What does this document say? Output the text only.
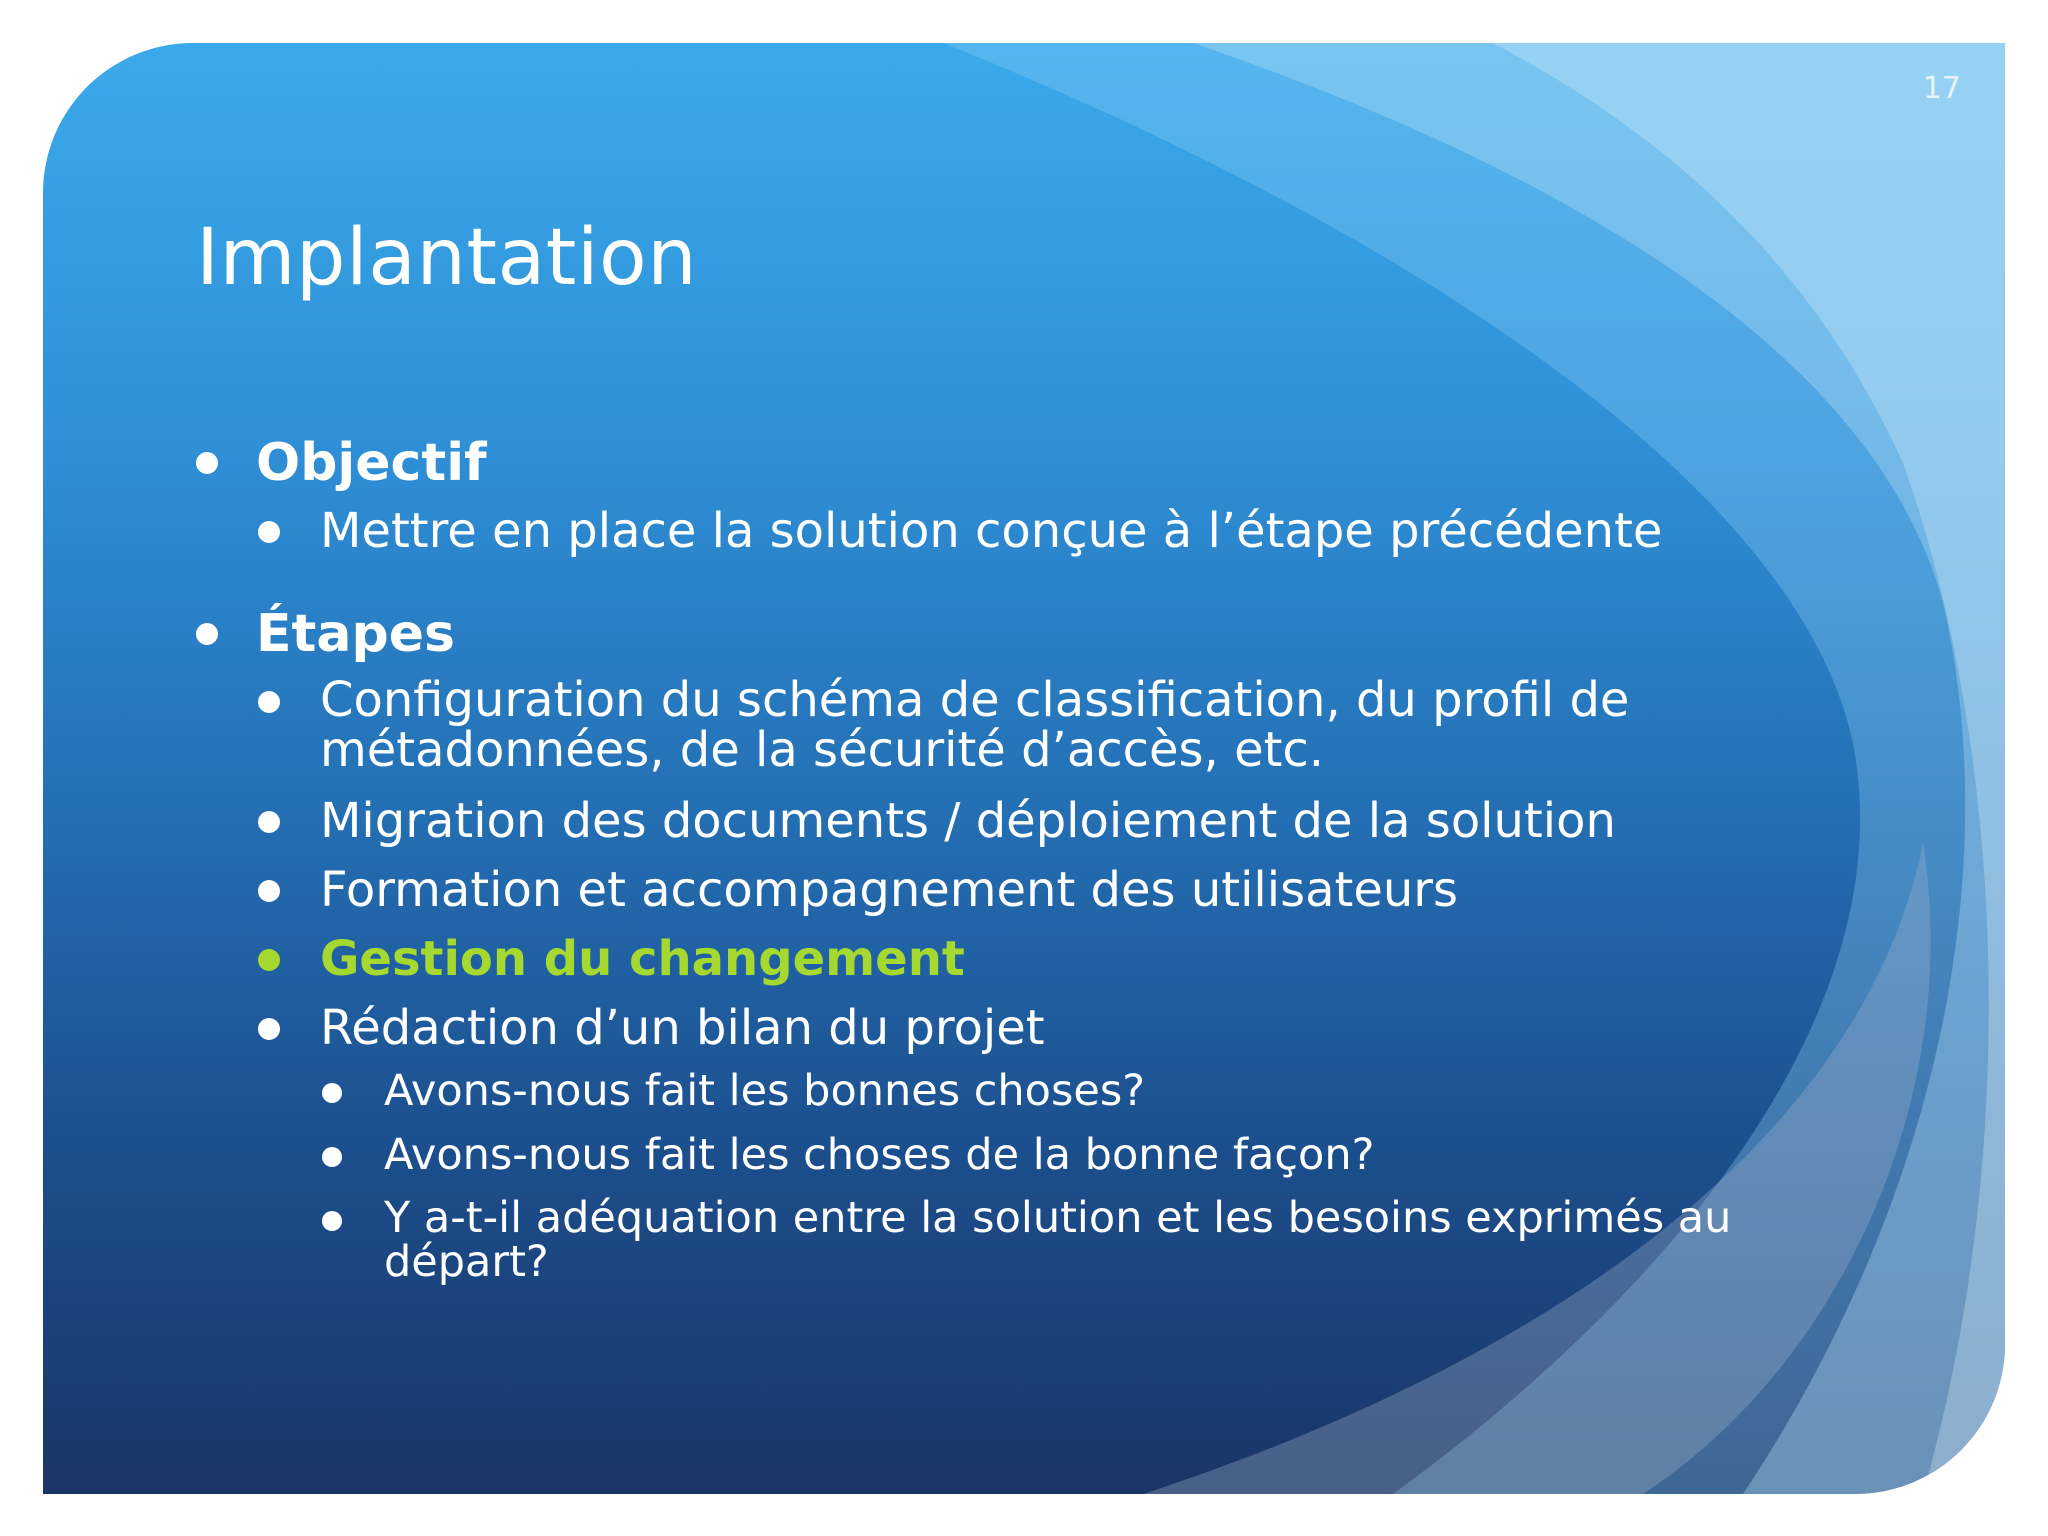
17
Implantation
Objectif
Mettre en place la solution conçue à l’étape précédente
Étapes
Configuration du schéma de classification, du profil de métadonnées, de la sécurité d’accès, etc.
Migration des documents / déploiement de la solution
Formation et accompagnement des utilisateurs
Gestion du changement
Rédaction d’un bilan du projet
Avons-nous fait les bonnes choses?
Avons-nous fait les choses de la bonne façon?
Y a-t-il adéquation entre la solution et les besoins exprimés au départ?
